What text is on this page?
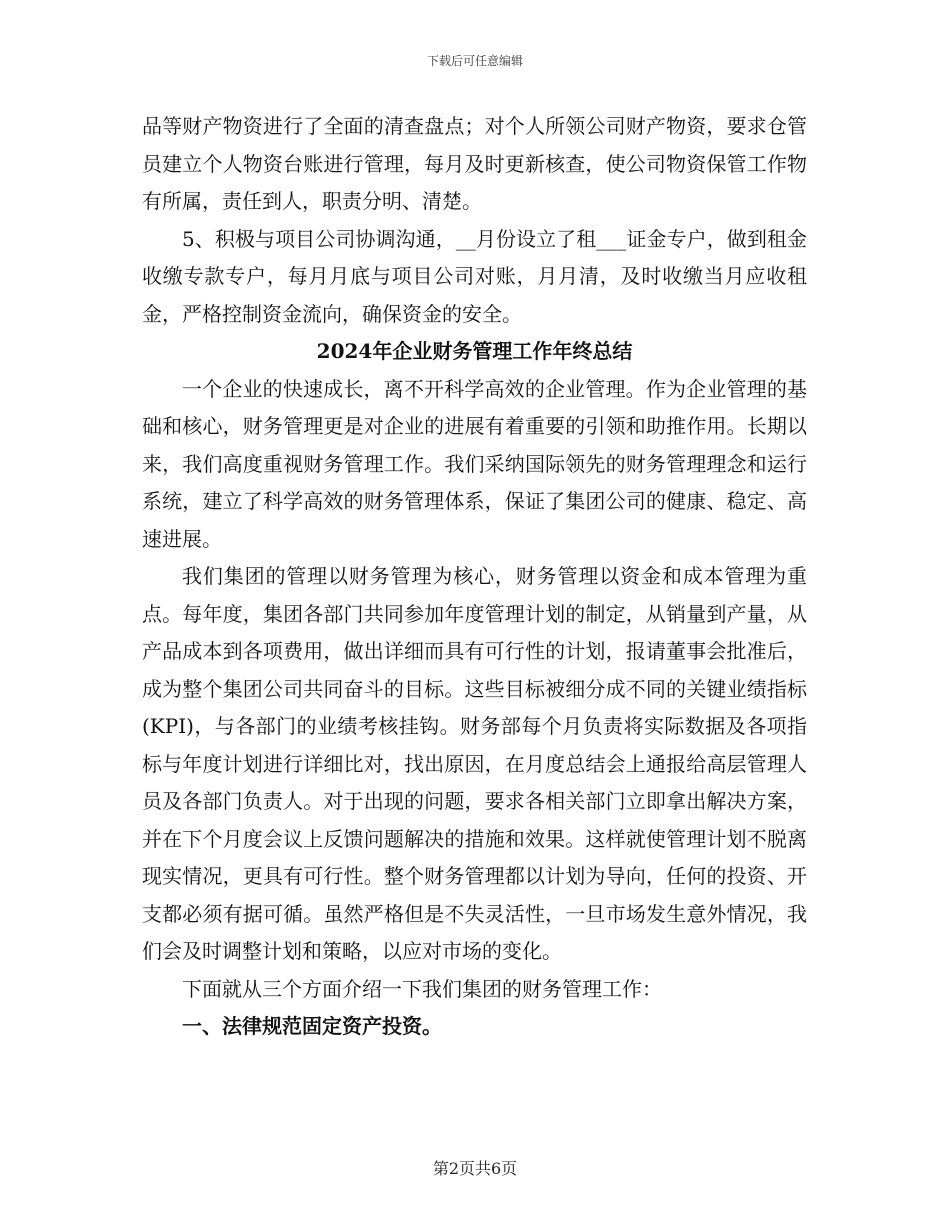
下载后可任意编辑

品等财产物资进行了全面的清查盘点；对个人所领公司财产物资，要求仓管员建立个人物资台账进行管理，每月及时更新核查，使公司物资保管工作物有所属，责任到人，职责分明、清楚。

5、积极与项目公司协调沟通，__月份设立了租___证金专户，做到租金收缴专款专户，每月月底与项目公司对账，月月清，及时收缴当月应收租金，严格控制资金流向，确保资金的安全。

2024年企业财务管理工作年终总结

一个企业的快速成长，离不开科学高效的企业管理。作为企业管理的基础和核心，财务管理更是对企业的进展有着重要的引领和助推作用。长期以来，我们高度重视财务管理工作。我们采纳国际领先的财务管理理念和运行系统，建立了科学高效的财务管理体系，保证了集团公司的健康、稳定、高速进展。

我们集团的管理以财务管理为核心，财务管理以资金和成本管理为重点。每年度，集团各部门共同参加年度管理计划的制定，从销量到产量，从产品成本到各项费用，做出详细而具有可行性的计划，报请董事会批准后，成为整个集团公司共同奋斗的目标。这些目标被细分成不同的关键业绩指标(KPI)，与各部门的业绩考核挂钩。财务部每个月负责将实际数据及各项指标与年度计划进行详细比对，找出原因，在月度总结会上通报给高层管理人员及各部门负责人。对于出现的问题，要求各相关部门立即拿出解决方案，并在下个月度会议上反馈问题解决的措施和效果。这样就使管理计划不脱离现实情况，更具有可行性。整个财务管理都以计划为导向，任何的投资、开支都必须有据可循。虽然严格但是不失灵活性，一旦市场发生意外情况，我们会及时调整计划和策略，以应对市场的变化。

下面就从三个方面介绍一下我们集团的财务管理工作：

一、法律规范固定资产投资。

第2页共6页
